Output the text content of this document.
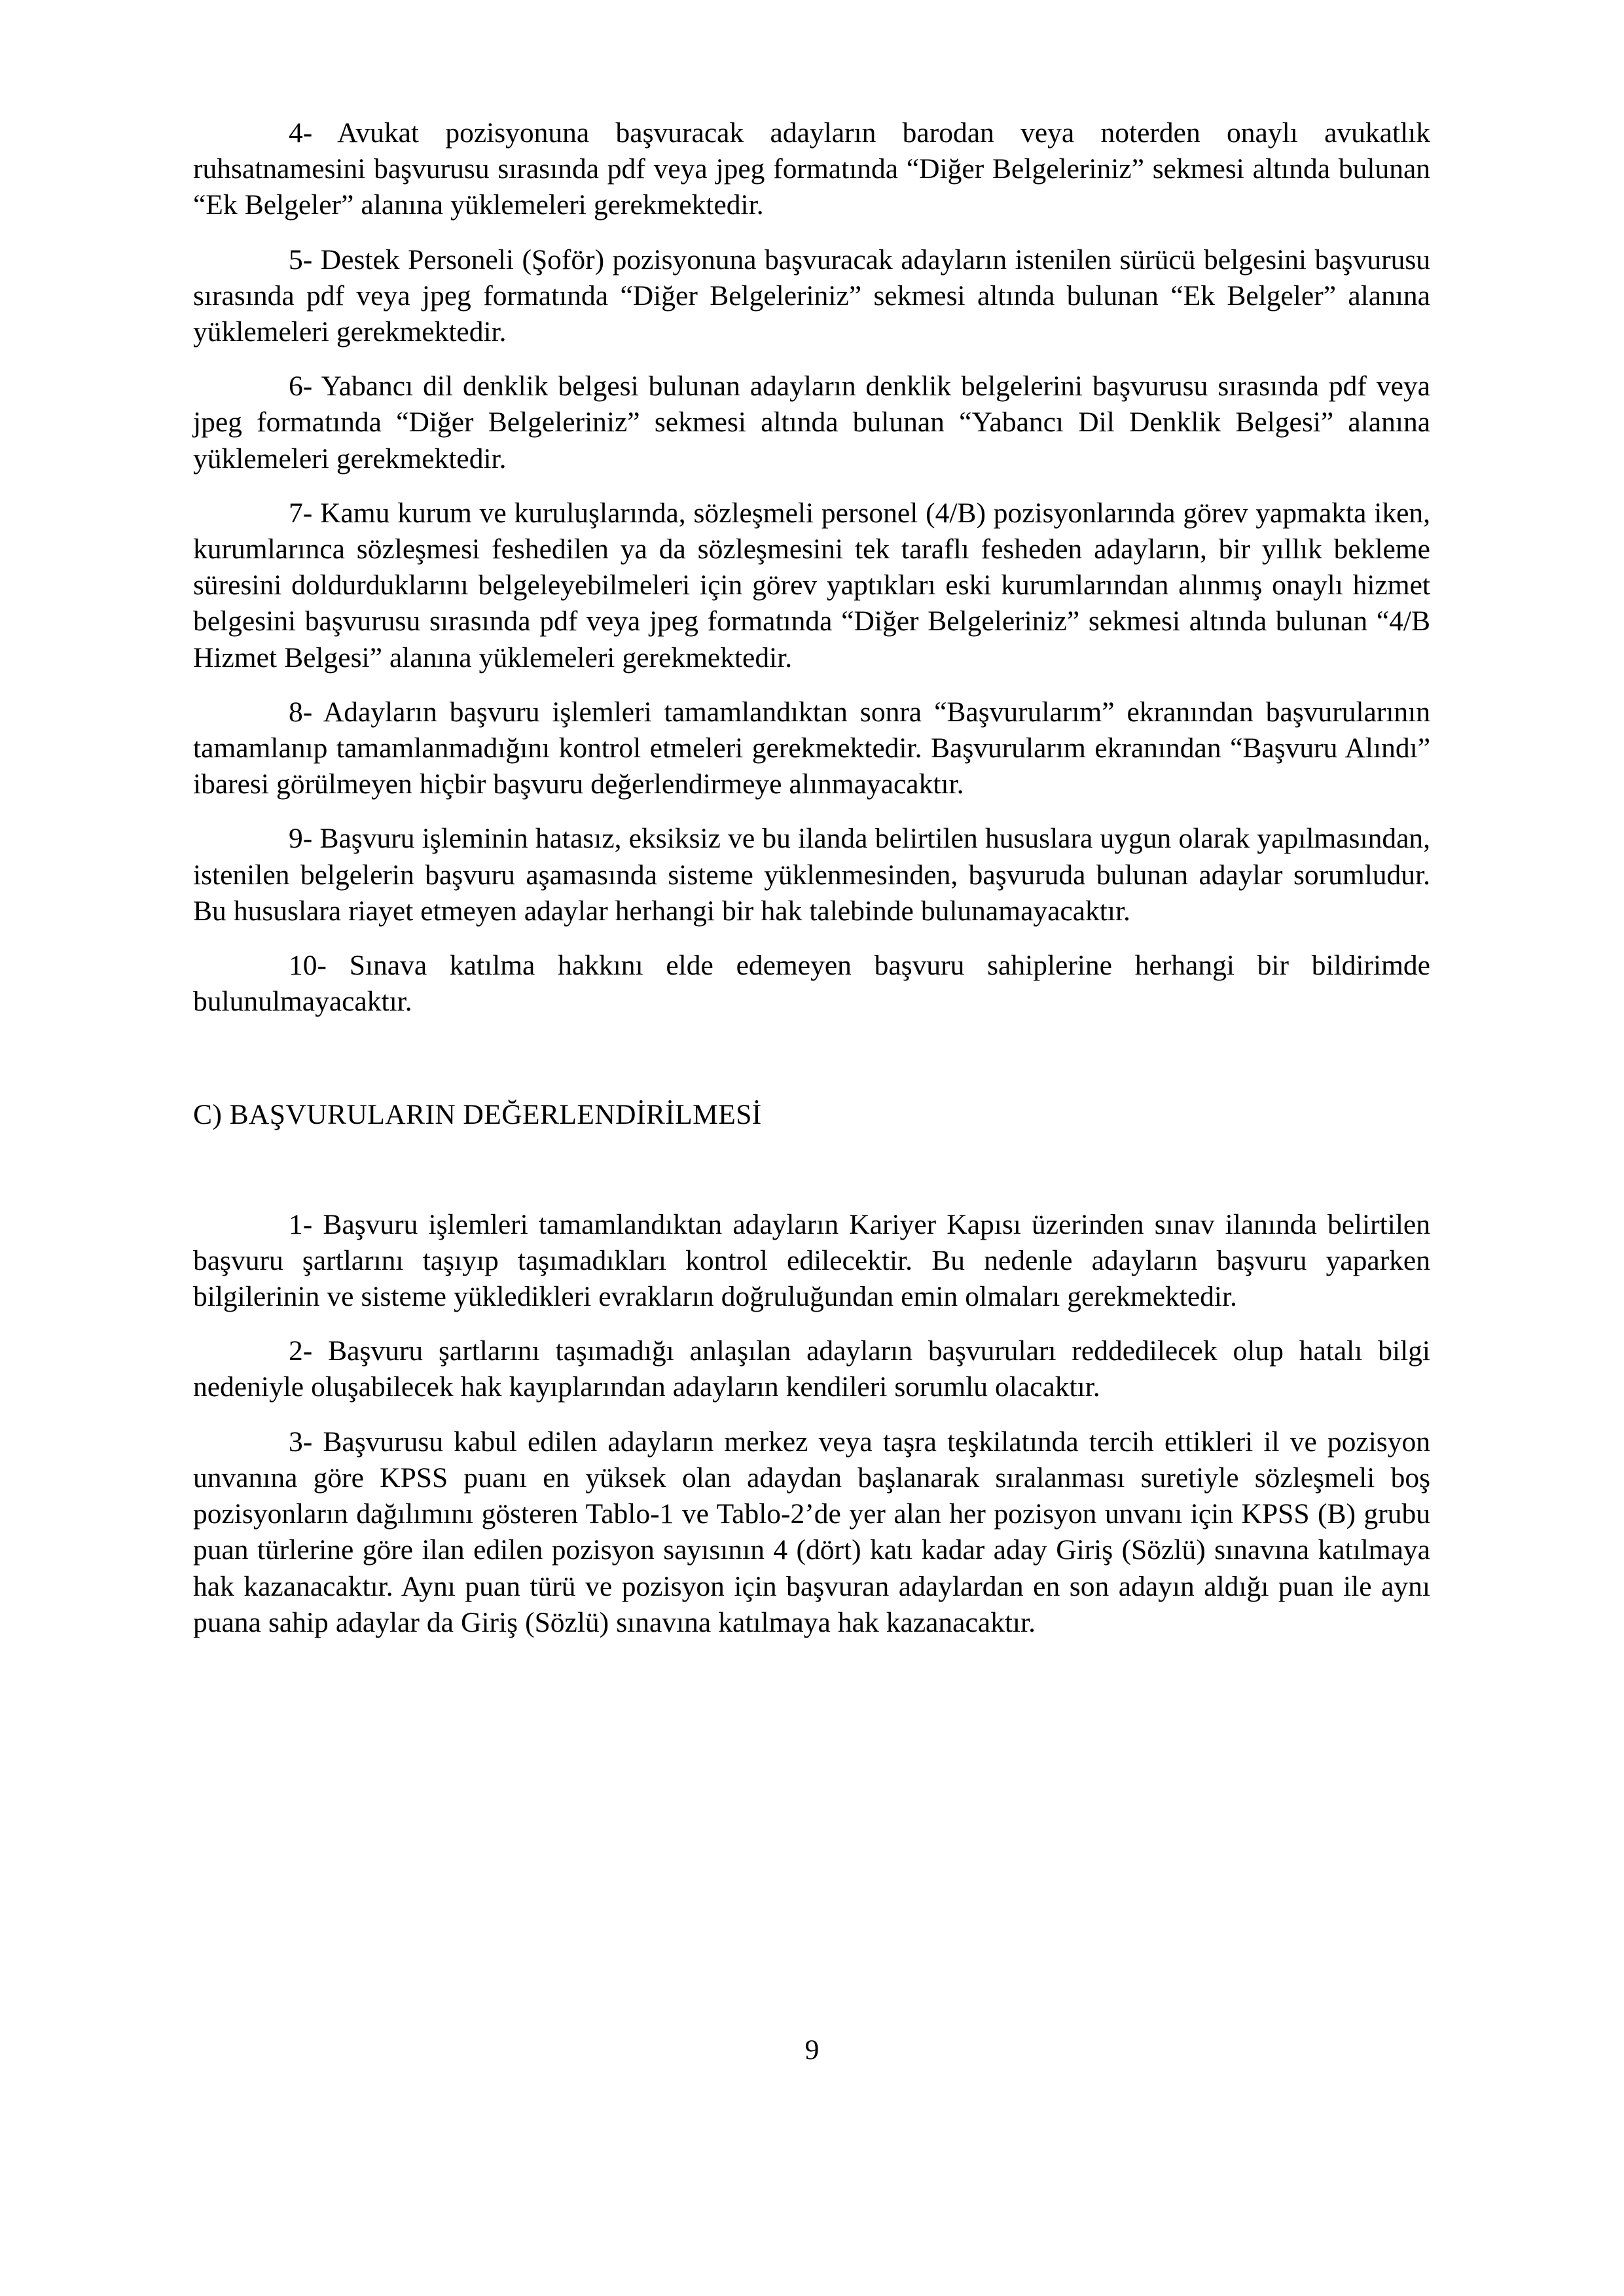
4- Avukat pozisyonuna başvuracak adayların barodan veya noterden onaylı avukatlık ruhsatnamesini başvurusu sırasında pdf veya jpeg formatında “Diğer Belgeleriniz” sekmesi altında bulunan “Ek Belgeler” alanına yüklemeleri gerekmektedir.

5- Destek Personeli (Şoför) pozisyonuna başvuracak adayların istenilen sürücü belgesini başvurusu sırasında pdf veya jpeg formatında “Diğer Belgeleriniz” sekmesi altında bulunan “Ek Belgeler” alanına yüklemeleri gerekmektedir.

6- Yabancı dil denklik belgesi bulunan adayların denklik belgelerini başvurusu sırasında pdf veya jpeg formatında “Diğer Belgeleriniz” sekmesi altında bulunan “Yabancı Dil Denklik Belgesi” alanına yüklemeleri gerekmektedir.

7- Kamu kurum ve kuruluşlarında, sözleşmeli personel (4/B) pozisyonlarında görev yapmakta iken, kurumlarınca sözleşmesi feshedilen ya da sözleşmesini tek taraflı fesheden adayların, bir yıllık bekleme süresini doldurduklarını belgeleyebilmeleri için görev yaptıkları eski kurumlarından alınmış onaylı hizmet belgesini başvurusu sırasında pdf veya jpeg formatında “Diğer Belgeleriniz” sekmesi altında bulunan “4/B Hizmet Belgesi” alanına yüklemeleri gerekmektedir.

8- Adayların başvuru işlemleri tamamlandıktan sonra “Başvurularım” ekranından başvurularının tamamlanıp tamamlanmadığını kontrol etmeleri gerekmektedir. Başvurularım ekranından “Başvuru Alındı” ibaresi görülmeyen hiçbir başvuru değerlendirmeye alınmayacaktır.

9- Başvuru işleminin hatasız, eksiksiz ve bu ilanda belirtilen hususlara uygun olarak yapılmasından, istenilen belgelerin başvuru aşamasında sisteme yüklenmesinden, başvuruda bulunan adaylar sorumludur. Bu hususlara riayet etmeyen adaylar herhangi bir hak talebinde bulunamayacaktır.

10- Sınava katılma hakkını elde edemeyen başvuru sahiplerine herhangi bir bildirimde bulunulmayacaktır.

C) BAŞVURULARIN DEĞERLENDİRİLMESİ

1- Başvuru işlemleri tamamlandıktan adayların Kariyer Kapısı üzerinden sınav ilanında belirtilen başvuru şartlarını taşıyıp taşımadıkları kontrol edilecektir. Bu nedenle adayların başvuru yaparken bilgilerinin ve sisteme yükledikleri evrakların doğruluğundan emin olmaları gerekmektedir.

2- Başvuru şartlarını taşımadığı anlaşılan adayların başvuruları reddedilecek olup hatalı bilgi nedeniyle oluşabilecek hak kayıplarından adayların kendileri sorumlu olacaktır.

3- Başvurusu kabul edilen adayların merkez veya taşra teşkilatında tercih ettikleri il ve pozisyon unvanına göre KPSS puanı en yüksek olan adaydan başlanarak sıralanması suretiyle sözleşmeli boş pozisyonların dağılımını gösteren Tablo-1 ve Tablo-2’de yer alan her pozisyon unvanı için KPSS (B) grubu puan türlerine göre ilan edilen pozisyon sayısının 4 (dört) katı kadar aday Giriş (Sözlü) sınavına katılmaya hak kazanacaktır. Aynı puan türü ve pozisyon için başvuran adaylardan en son adayın aldığı puan ile aynı puana sahip adaylar da Giriş (Sözlü) sınavına katılmaya hak kazanacaktır.

9
